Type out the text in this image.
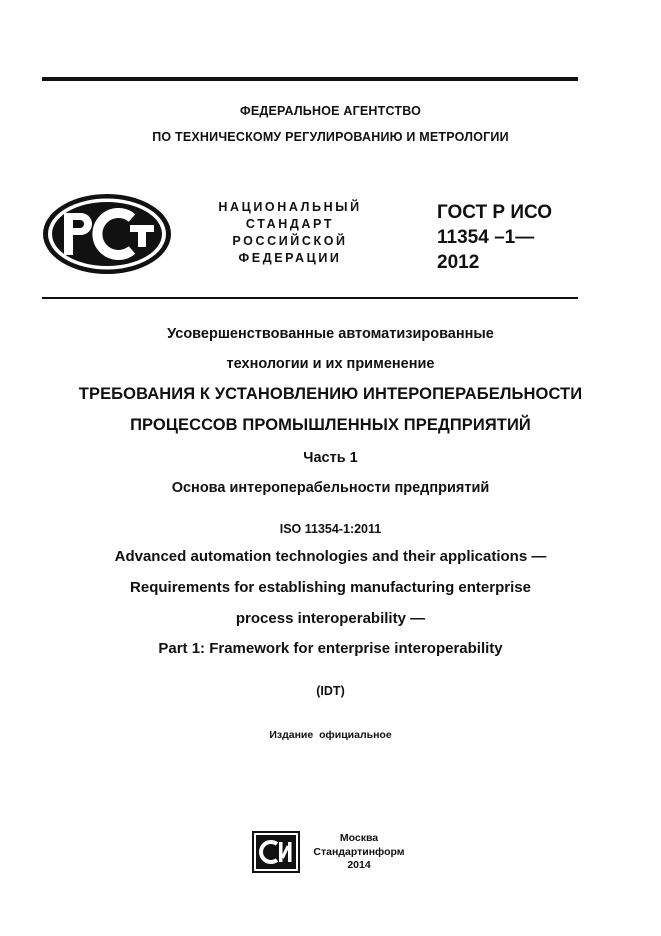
ФЕДЕРАЛЬНОЕ АГЕНТСТВО
ПО ТЕХНИЧЕСКОМУ РЕГУЛИРОВАНИЮ И МЕТРОЛОГИИ
НАЦИОНАЛЬНЫЙ
СТАНДАРТ
РОССИЙСКОЙ
ФЕДЕРАЦИИ
ГОСТ Р ИСО
11354 –1—
2012
Усовершенствованные автоматизированные
технологии и их применение
ТРЕБОВАНИЯ К УСТАНОВЛЕНИЮ ИНТЕРОПЕРАБЕЛЬНОСТИ
ПРОЦЕССОВ ПРОМЫШЛЕННЫХ ПРЕДПРИЯТИЙ
Часть 1
Основа интероперабельности предприятий
ISO 11354-1:2011
Advanced automation technologies and their applications —
Requirements for establishing manufacturing enterprise
process interoperability —
Part 1: Framework for enterprise interoperability
(IDT)
Издание официальное
Москва
Стандартинформ
2014
